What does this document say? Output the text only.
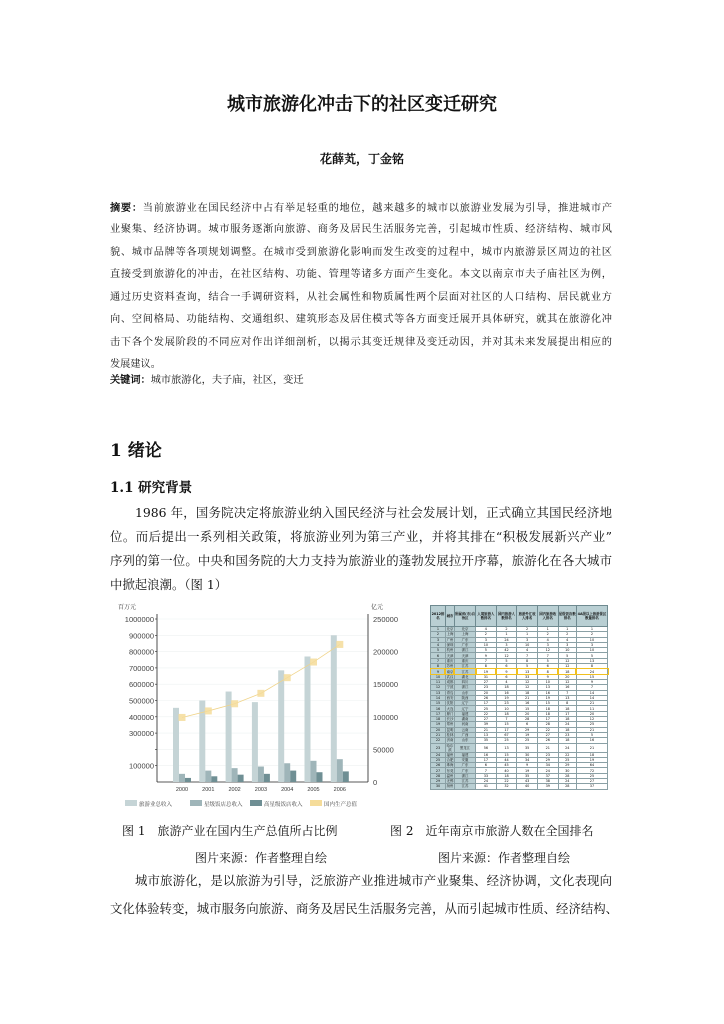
城市旅游化冲击下的社区变迁研究
花薛芄，丁金铭
摘要：当前旅游业在国民经济中占有举足轻重的地位，越来越多的城市以旅游业发展为引导，推进城市产
业聚集、经济协调。城市服务逐渐向旅游、商务及居民生活服务完善，引起城市性质、经济结构、城市风
貌、城市品牌等各项规划调整。在城市受到旅游化影响而发生改变的过程中，城市内旅游景区周边的社区
直接受到旅游化的冲击，在社区结构、功能、管理等诸多方面产生变化。本文以南京市夫子庙社区为例，
通过历史资料查询，结合一手调研资料，从社会属性和物质属性两个层面对社区的人口结构、居民就业方
向、空间格局、功能结构、交通组织、建筑形态及居住模式等各方面变迁展开具体研究，就其在旅游化冲
击下各个发展阶段的不同应对作出详细剖析，以揭示其变迁规律及变迁动因，并对其未来发展提出相应的
发展建议。
关键词：城市旅游化，夫子庙，社区，变迁
1 绪论
1.1 研究背景
1986 年，国务院决定将旅游业纳入国民经济与社会发展计划，正式确立其国民经济地
位。而后提出一系列相关政策，将旅游业列为第三产业，并将其排在“积极发展新兴产业”
序列的第一位。中央和国务院的大力支持为旅游业的蓬勃发展拉开序幕，旅游化在各大城市
中掀起浪潮。（图 1）
百万元	亿元
100000
300000
400000
500000
600000
700000
800000
900000
1000000
0
50000
100000
150000
200000
250000
2000	2001	2002	2003	2004	2005	2006
旅游业总收入	星级饭店总收入	高星级饭店收入	国内生产总值
2012排名	城市	所属省(市)自治区	入境旅游人数排名	国内旅游人数排名	旅游外汇收入排名	国内旅游收入排名	星级饭店数排名	4A级以上旅游景区数量排名
1	北京	北京	4	2	2	1	1	1
2	上海	上海	2	1	1	2	2	2
3	广州	广东	3	24	3	4	4	10
4	深圳	广东	10	3	10	3	3	3
5	杭州	浙江	5	42	4	12	10	10
6	天津	天津	9	12	7	7	5	5
7	重庆	重庆	7	5	8	5	12	13
8	苏州	江苏	8	6	5	6	12	8
9	南京	江苏	19	9	13	8	18	24
10	武汉	湖北	31	6	33	9	20	15
11	成都	四川	27	4	12	10	12	9
12	宁波	浙江	23	18	12	13	16	7
13	青岛	山东	20	16	18	16	7	14
14	西安	陕西	26	19	21	19	13	14
15	沈阳	辽宁	17	23	16	15	8	21
16	大连	辽宁	25	10	15	18	18	11
17	厦门	福建	22	18	20	18	17	20
18	长沙	湖南	27	7	28	17	18	12
19	郑州	河南	39	15	6	28	24	25
20	昆明	云南	21	17	29	22	18	21
21	桂林	广西	13	67	19	27	23	5
22	济南	山东	35	25	25	26	18	16
23	哈尔滨	黑龙江	56	13	35	21	24	21
24	福州	福建	16	15	30	23	22	18
25	合肥	安徽	17	44	34	29	25	19
26	珠海	广东	6	45	9	34	29	64
27	东莞	广东	7	40	19	24	30	72
28	温州	浙江	33	18	35	37	28	25
29	无锡	江苏	24	22	43	38	24	27
30	扬州	江苏	41	32	40	39	28	37
图 1　旅游产业在国内生产总值所占比例	图 2　近年南京市旅游人数在全国排名
图片来源：作者整理自绘	图片来源：作者整理自绘
城市旅游化，是以旅游为引导，泛旅游产业推进城市产业聚集、经济协调，文化表现向
文化体验转变，城市服务向旅游、商务及居民生活服务完善，从而引起城市性质、经济结构、
